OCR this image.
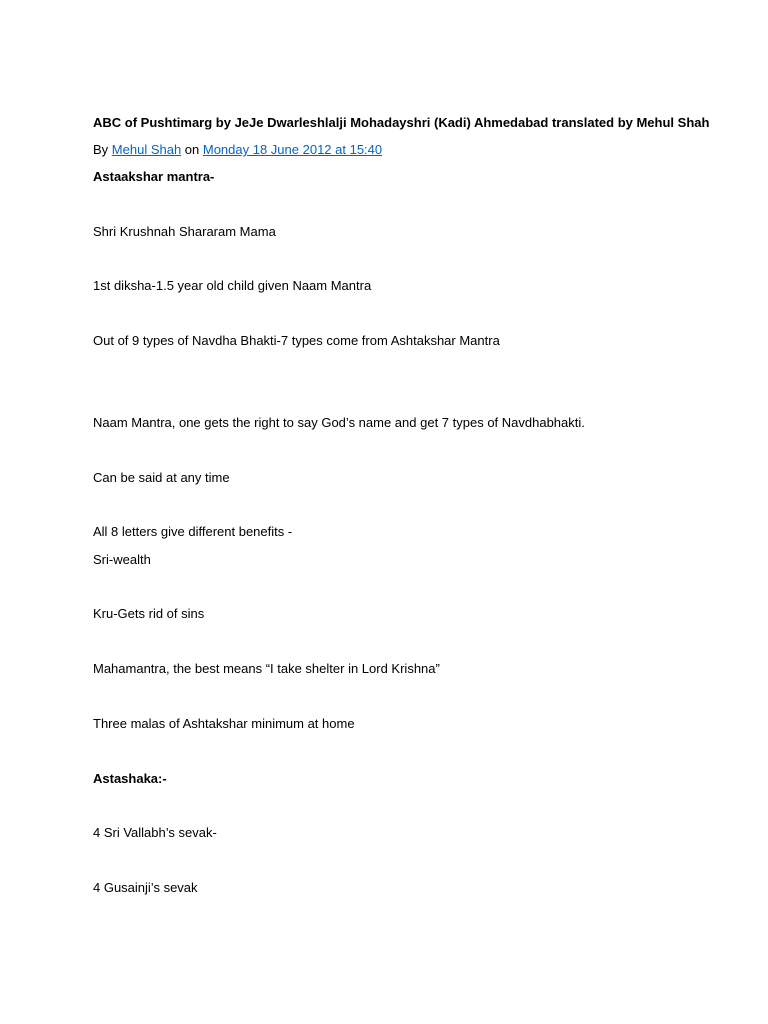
ABC of Pushtimarg by JeJe Dwarleshlalji Mohadayshri (Kadi) Ahmedabad translated by Mehul Shah
By Mehul Shah on Monday 18 June 2012 at 15:40
Astaakshar mantra-
Shri Krushnah Shararam Mama
1st diksha-1.5 year old child given Naam Mantra
Out of 9 types of Navdha Bhakti-7 types come from Ashtakshar Mantra
Naam Mantra, one gets the right to say God’s name and get 7 types of Navdhabhakti.
Can be said at any time
All 8 letters give different benefits -
Sri-wealth
Kru-Gets rid of sins
Mahamantra, the best means “I take shelter in Lord Krishna”
Three malas of Ashtakshar minimum at home
Astashaka:-
4 Sri Vallabh’s sevak-
4 Gusainji’s sevak
